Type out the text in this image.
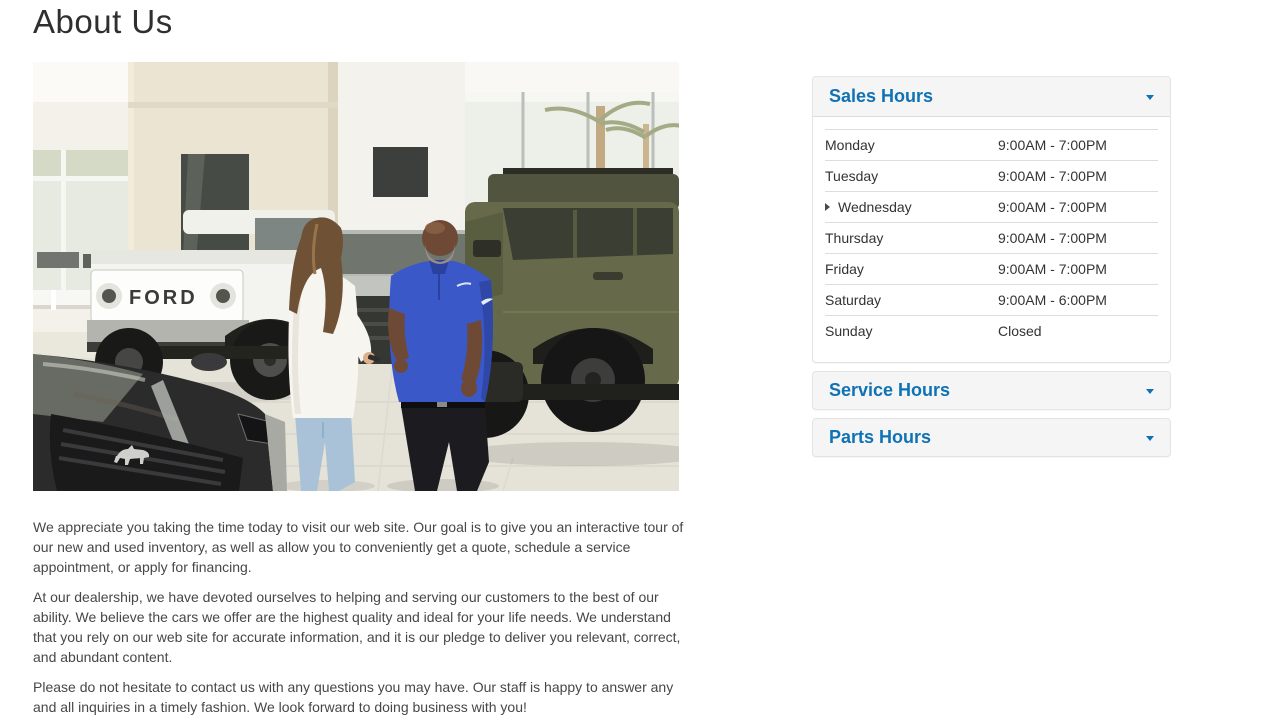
About Us
FORD

We appreciate you taking the time today to visit our web site. Our goal is to give you an interactive tour of our new and used inventory, as well as allow you to conveniently get a quote, schedule a service appointment, or apply for financing.

At our dealership, we have devoted ourselves to helping and serving our customers to the best of our ability. We believe the cars we offer are the highest quality and ideal for your life needs. We understand that you rely on our web site for accurate information, and it is our pledge to deliver you relevant, correct, and abundant content.

Please do not hesitate to contact us with any questions you may have. Our staff is happy to answer any and all inquiries in a timely fashion. We look forward to doing business with you!

Sales Hours
Monday	9:00AM - 7:00PM
Tuesday	9:00AM - 7:00PM
Wednesday	9:00AM - 7:00PM
Thursday	9:00AM - 7:00PM
Friday	9:00AM - 7:00PM
Saturday	9:00AM - 6:00PM
Sunday	Closed
Service Hours
Parts Hours
